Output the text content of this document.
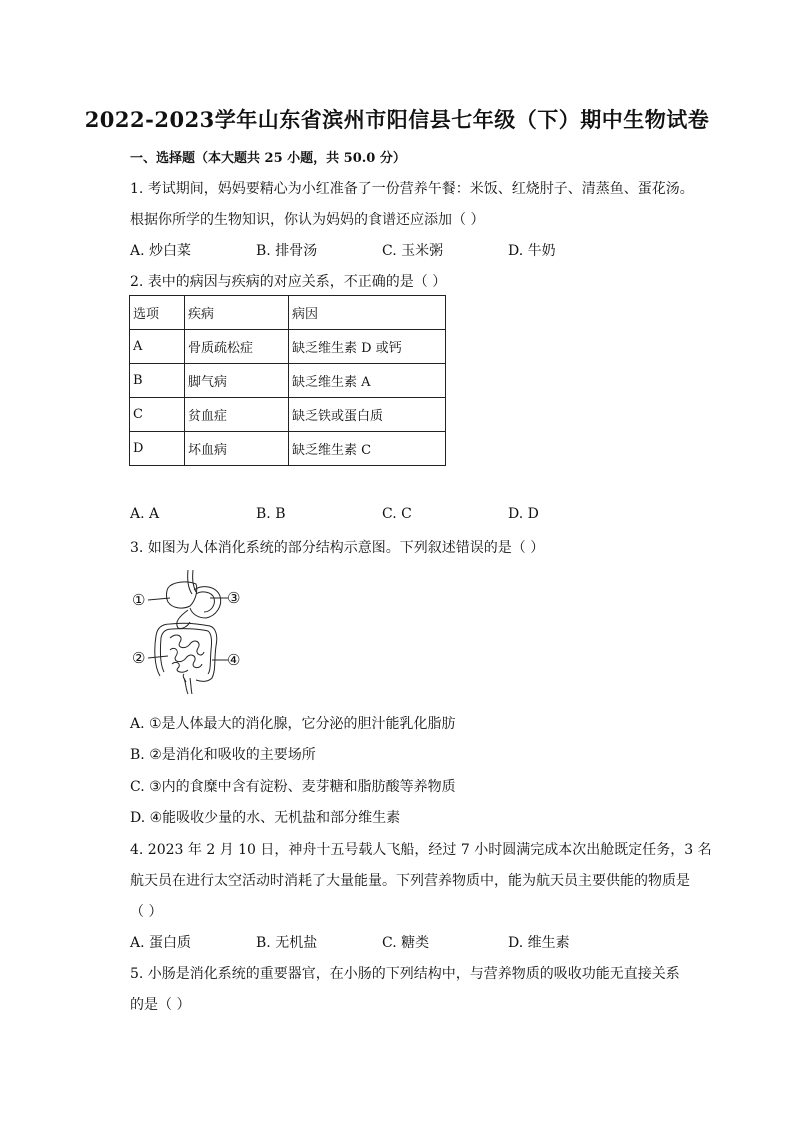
2022-2023学年山东省滨州市阳信县七年级（下）期中生物试卷
一、选择题（本大题共 25 小题，共 50.0 分）
1. 考试期间，妈妈要精心为小红准备了一份营养午餐：米饭、红烧肘子、清蒸鱼、蛋花汤。
根据你所学的生物知识，你认为妈妈的食谱还应添加（ ）
A. 炒白菜	B. 排骨汤	C. 玉米粥	D. 牛奶
2. 表中的病因与疾病的对应关系，不正确的是（ ）
选项	疾病	病因
A	骨质疏松症	缺乏维生素 D 或钙
B	脚气病	缺乏维生素 A
C	贫血症	缺乏铁或蛋白质
D	坏血病	缺乏维生素 C
A. A	B. B	C. C	D. D
3. 如图为人体消化系统的部分结构示意图。下列叙述错误的是（ ）
①
②
③
④
A. ①是人体最大的消化腺，它分泌的胆汁能乳化脂肪
B. ②是消化和吸收的主要场所
C. ③内的食糜中含有淀粉、麦芽糖和脂肪酸等养物质
D. ④能吸收少量的水、无机盐和部分维生素
4. 2023 年 2 月 10 日，神舟十五号载人飞船，经过 7 小时圆满完成本次出舱既定任务，3 名
航天员在进行太空活动时消耗了大量能量。下列营养物质中，能为航天员主要供能的物质是
（ ）
A. 蛋白质	B. 无机盐	C. 糖类	D. 维生素
5. 小肠是消化系统的重要器官，在小肠的下列结构中，与营养物质的吸收功能无直接关系
的是（ ）
